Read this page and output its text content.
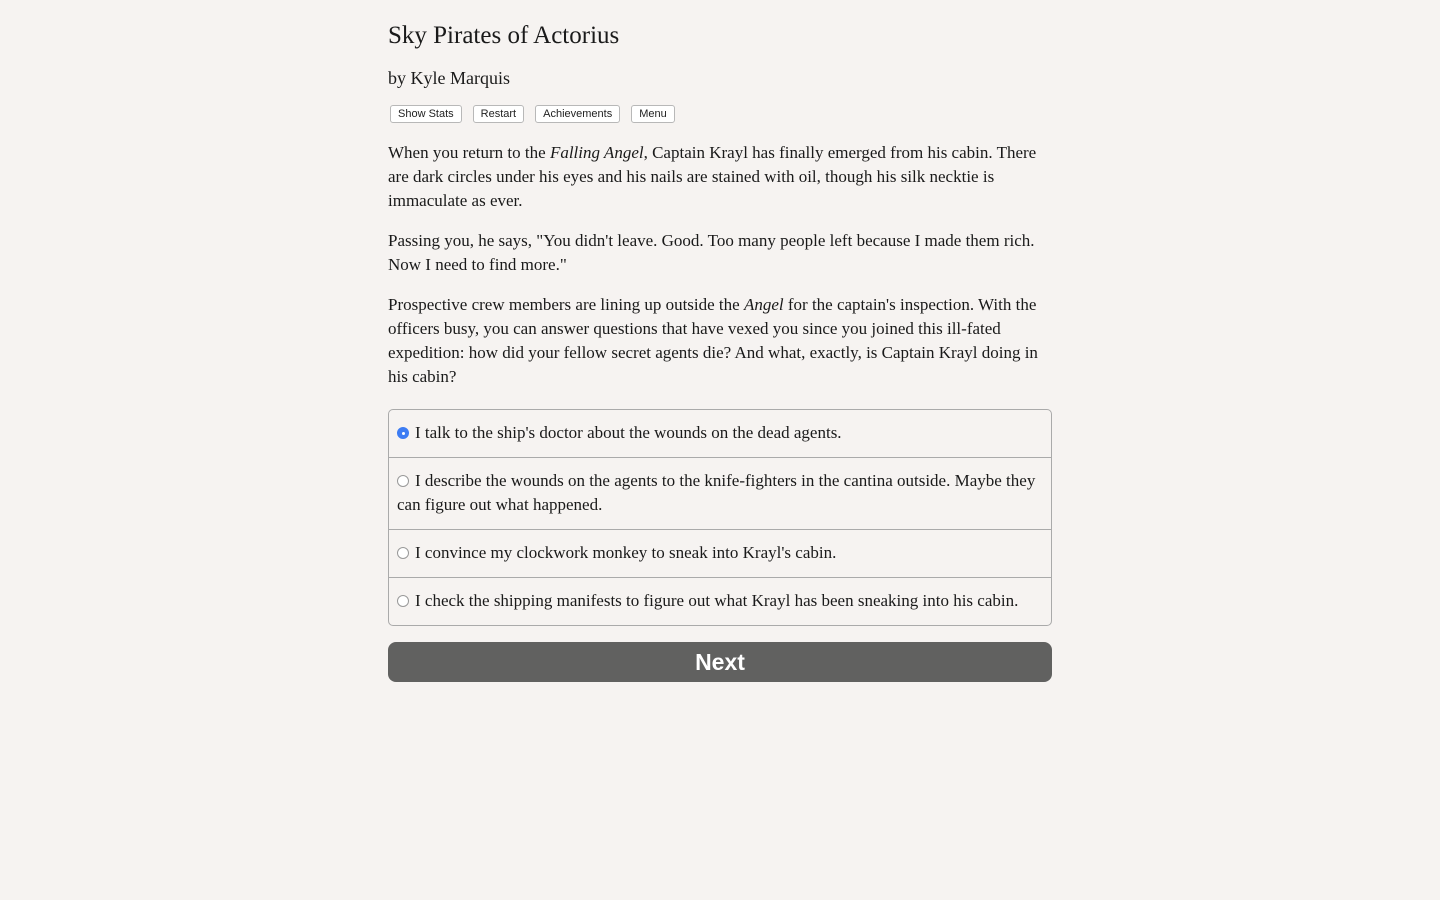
Sky Pirates of Actorius
by Kyle Marquis
Show Stats	Restart	Achievements	Menu

When you return to the Falling Angel, Captain Krayl has finally emerged from his cabin. There are dark circles under his eyes and his nails are stained with oil, though his silk necktie is immaculate as ever.

Passing you, he says, "You didn't leave. Good. Too many people left because I made them rich. Now I need to find more."

Prospective crew members are lining up outside the Angel for the captain's inspection. With the officers busy, you can answer questions that have vexed you since you joined this ill-fated expedition: how did your fellow secret agents die? And what, exactly, is Captain Krayl doing in his cabin?

I talk to the ship's doctor about the wounds on the dead agents.
I describe the wounds on the agents to the knife-fighters in the cantina outside. Maybe they can figure out what happened.
I convince my clockwork monkey to sneak into Krayl's cabin.
I check the shipping manifests to figure out what Krayl has been sneaking into his cabin.
Next
